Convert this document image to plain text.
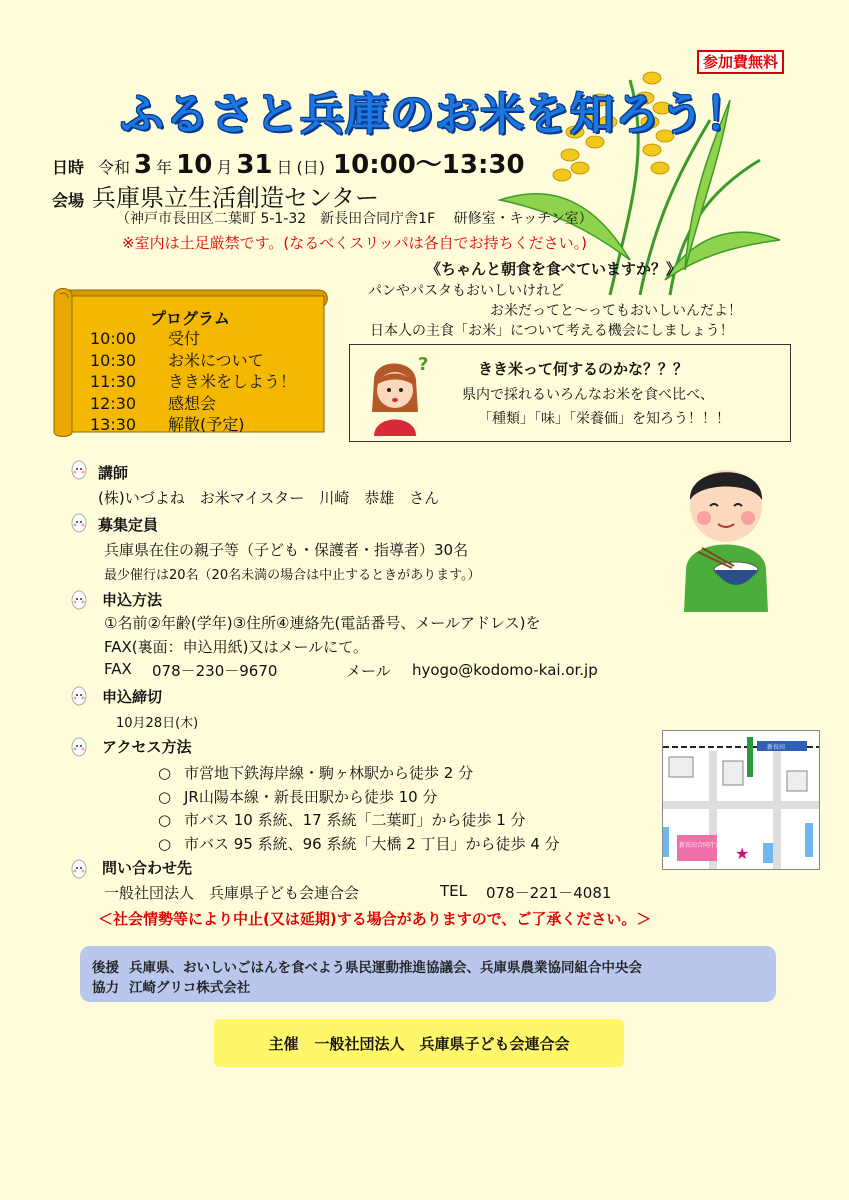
参加費無料
ふるさと兵庫のお米を知ろう！
日時 令和 3 年 10 月 31 日 (日) 10:00～13:30
会場 兵庫県立生活創造センター
（神戸市長田区二葉町 5-1-32　新長田合同庁舎1F　 研修室・キッチン室）
※室内は土足厳禁です。(なるべくスリッパは各自でお持ちください。)
《ちゃんと朝食を食べていますか？》
パンやパスタもおいしいけれど
お米だってと～ってもおいしいんだよ！
日本人の主食「お米」について考える機会にしましょう！
プログラム
10:00 受付
10:30 お米について
11:30 きき米をしよう！
12:30 感想会
13:30 解散(予定)
?	きき米って何するのかな？？？
県内で採れるいろんなお米を食べ比べ、
「種類」「味」「栄養価」を知ろう！！！
講師
(株)いづよね　お米マイスター　川崎　恭雄　さん
募集定員
兵庫県在住の親子等（子ども・保護者・指導者）30名
最少催行は20名（20名未満の場合は中止するときがあります。）
申込方法
①名前②年齢(学年)③住所④連絡先(電話番号、メールアドレス)を
FAX(裏面：申込用紙)又はメールにて。
FAX 078－230－9670	メール hyogo@kodomo-kai.or.jp
申込締切
10月28日(木)
アクセス方法
○ 市営地下鉄海岸線・駒ヶ林駅から徒歩 2 分
○ JR山陽本線・新長田駅から徒歩 10 分
○ 市バス 10 系統、17 系統「二葉町」から徒歩 1 分
○ 市バス 95 系統、96 系統「大橋 2 丁目」から徒歩 4 分	★
新長田
新長田合同庁舎
問い合わせ先
一般社団法人　兵庫県子ども会連合会	TEL 078－221－4081
＜社会情勢等により中止(又は延期)する場合がありますので、ご了承ください。＞
後援 兵庫県、おいしいごはんを食べよう県民運動推進協議会、兵庫県農業協同組合中央会
協力 江崎グリコ株式会社
主催 一般社団法人　兵庫県子ども会連合会
